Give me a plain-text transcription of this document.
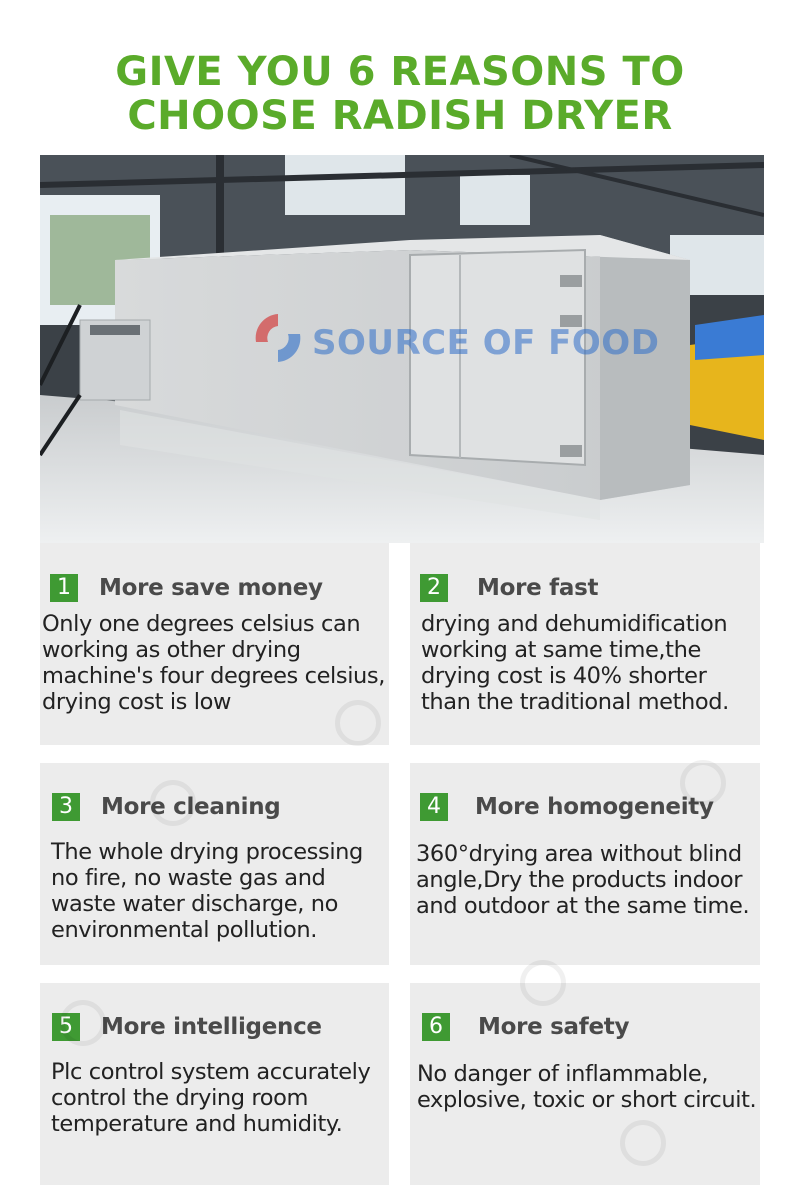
GIVE YOU 6 REASONS TO
CHOOSE RADISH DRYER
SOURCE OF FOOD
1	More save money
Only one degrees celsius can
working as other drying
machine's four degrees celsius,
drying cost is low
2	More fast
drying and dehumidification
working at same time,the
drying cost is 40% shorter
than the traditional method.
3	More cleaning
The whole drying processing
no fire, no waste gas and
waste water discharge, no
environmental pollution.
4	More homogeneity
360°drying area without blind
angle,Dry the products indoor
and outdoor at the same time.
5	More intelligence
Plc control system accurately
control the drying room
temperature and humidity.
6	More safety
No danger of inflammable,
explosive, toxic or short circuit.
